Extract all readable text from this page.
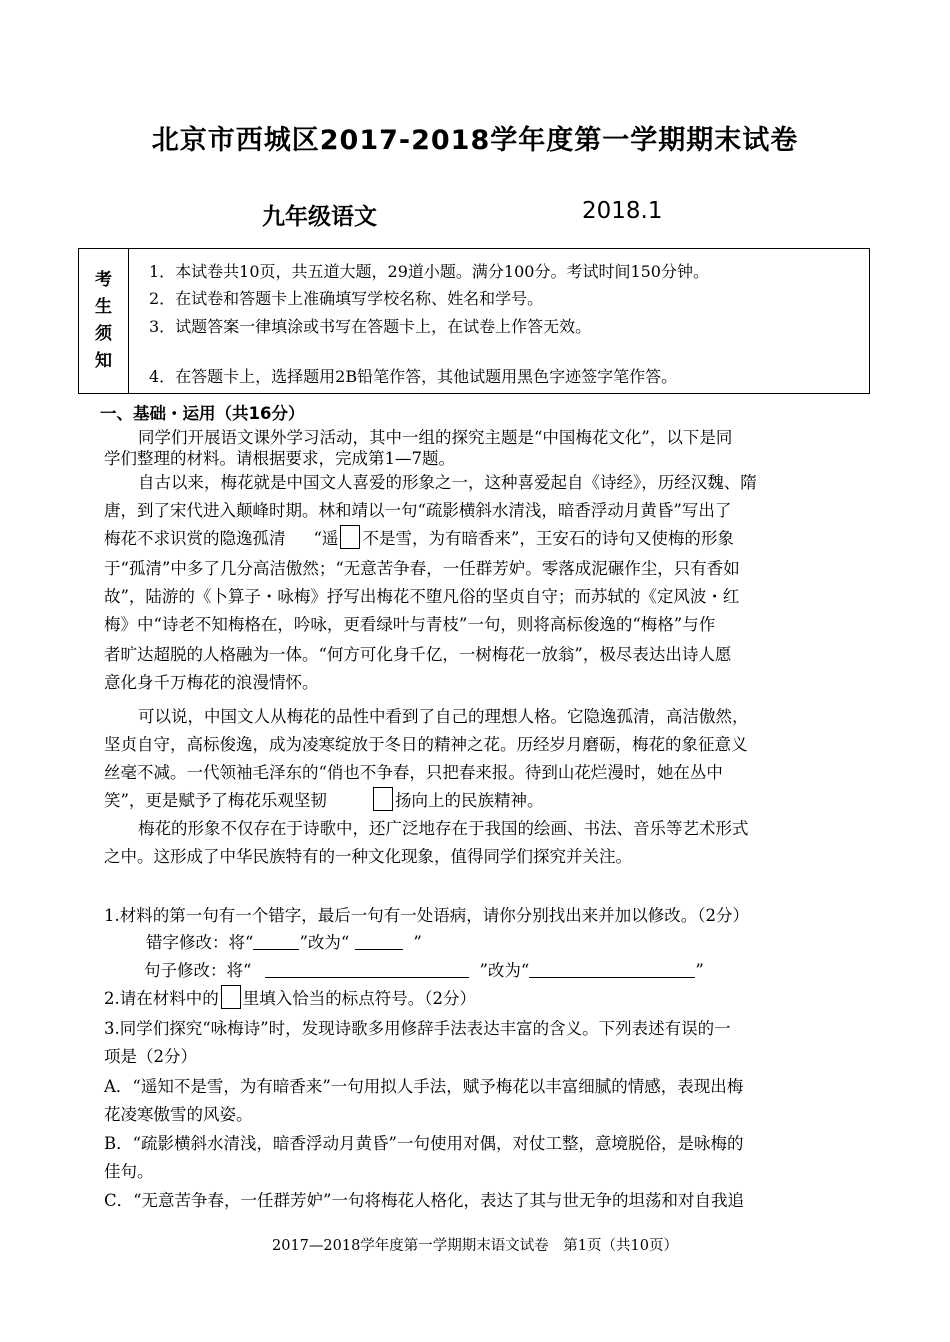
北京市西城区2017-2018学年度第一学期期末试卷
九年级语文	2018.1
考
生
须
知
1．本试卷共10页，共五道大题，29道小题。满分100分。考试时间150分钟。
2．在试卷和答题卡上准确填写学校名称、姓名和学号。
3．试题答案一律填涂或书写在答题卡上，在试卷上作答无效。
4．在答题卡上，选择题用2B铅笔作答，其他试题用黑色字迹签字笔作答。
一、基础・运用（共16分）
同学们开展语文课外学习活动，其中一组的探究主题是“中国梅花文化”，以下是同
学们整理的材料。请根据要求，完成第1—7题。
自古以来，梅花就是中国文人喜爱的形象之一，这种喜爱起自《诗经》，历经汉魏、隋
唐，到了宋代进入颠峰时期。林和靖以一句“疏影横斜水清浅，暗香浮动月黄昏”写出了
梅花不求识赏的隐逸孤清 “遥 不是雪，为有暗香来”，王安石的诗句又使梅的形象
于“孤清”中多了几分高洁傲然；“无意苦争春，一任群芳妒。零落成泥碾作尘，只有香如
故”，陆游的《卜算子・咏梅》抒写出梅花不堕凡俗的坚贞自守；而苏轼的《定风波・红
梅》中“诗老不知梅格在，吟咏，更看绿叶与青枝”一句，则将高标俊逸的“梅格”与作
者旷达超脱的人格融为一体。“何方可化身千亿，一树梅花一放翁”，极尽表达出诗人愿
意化身千万梅花的浪漫情怀。
可以说，中国文人从梅花的品性中看到了自己的理想人格。它隐逸孤清，高洁傲然，
坚贞自守，高标俊逸，成为凌寒绽放于冬日的精神之花。历经岁月磨砺，梅花的象征意义
丝毫不减。一代领袖毛泽东的“俏也不争春，只把春来报。待到山花烂漫时，她在丛中
笑”，更是赋予了梅花乐观坚韧	扬向上的民族精神。
梅花的形象不仅存在于诗歌中，还广泛地存在于我国的绘画、书法、音乐等艺术形式
之中。这形成了中华民族特有的一种文化现象，值得同学们探究并关注。
1.材料的第一句有一个错字，最后一句有一处语病，请你分别找出来并加以修改。（2分）
错字修改：将“	”改为“	”
句子修改：将“	”改为“	”
2.请在材料中的 里填入恰当的标点符号。（2分）
3.同学们探究“咏梅诗”时，发现诗歌多用修辞手法表达丰富的含义。下列表述有误的一
项是（2分）
A．“遥知不是雪，为有暗香来”一句用拟人手法，赋予梅花以丰富细腻的情感，表现出梅
花凌寒傲雪的风姿。
B．“疏影横斜水清浅，暗香浮动月黄昏”一句使用对偶，对仗工整，意境脱俗，是咏梅的
佳句。
C．“无意苦争春，一任群芳妒”一句将梅花人格化，表达了其与世无争的坦荡和对自我追
2017—2018学年度第一学期期末语文试卷　第1页（共10页）
